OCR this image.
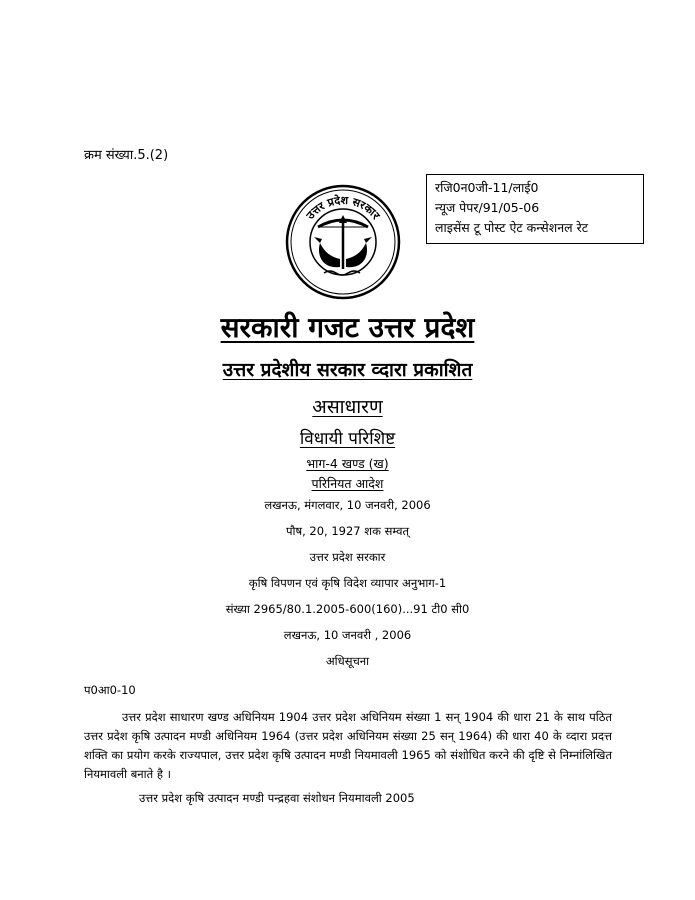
क्रम संख्या.5.(2)
रजि0न0जी-11/लाई0
न्यूज पेपर/91/05-06
लाइसेंस टू पोस्ट ऐट कन्सेशनल रेट
उत्तर प्रदेश सरकार
सरकारी गजट उत्तर प्रदेश
उत्तर प्रदेशीय सरकार व्दारा प्रकाशित
असाधारण
विधायी परिशिष्ट
भाग-4 खण्ड (ख)
परिनियत आदेश
लखनऊ, मंगलवार, 10 जनवरी, 2006
पौष, 20, 1927 शक सम्वत्
उत्तर प्रदेश सरकार
कृषि विपणन एवं कृषि विदेश व्यापार अनुभाग-1
संख्या 2965/80.1.2005-600(160)...91 टी0 सी0
लखनऊ, 10 जनवरी , 2006
अधिसूचना
प0आ0-10
उत्तर प्रदेश साधारण खण्ड अधिनियम 1904 उत्तर प्रदेश अधिनियम संख्या 1 सन् 1904 की धारा 21 के साथ पठित उत्तर प्रदेश कृषि उत्पादन मण्डी अधिनियम 1964 (उत्तर प्रदेश अधिनियम संख्या 25 सन् 1964) की धारा 40 के व्दारा प्रदत्त शक्ति का प्रयोग करके राज्यपाल, उत्तर प्रदेश कृषि उत्पादन मण्डी नियमावली 1965 को संशोधित करने की दृष्टि से निम्नांलिखित नियमावली बनाते है ।
उत्तर प्रदेश कृषि उत्पादन मण्डी पन्द्रहवा संशोधन नियमावली 2005
